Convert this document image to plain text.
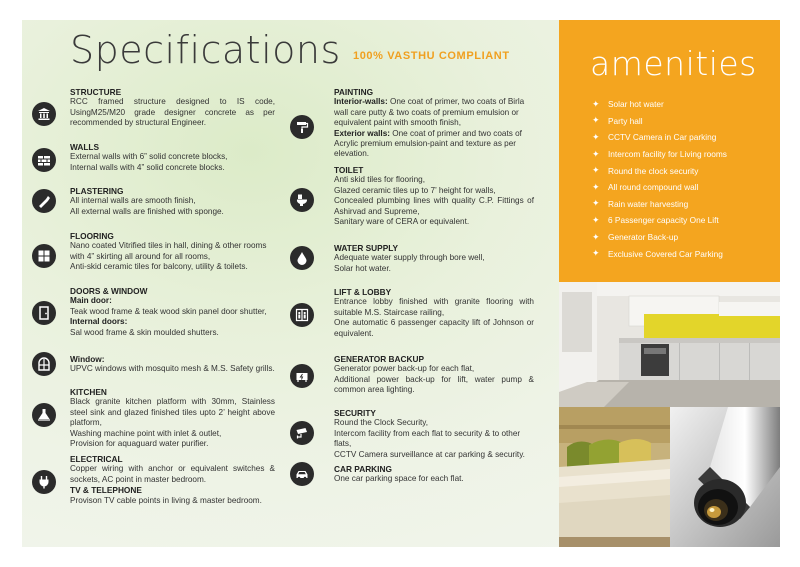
Specifications 100% VASTHU COMPLIANT
STRUCTURE
RCC framed structure designed to IS code, UsingM25/M20 grade designer concrete as per recommended by structural Engineer.
WALLS
External walls with 6” solid concrete blocks,
Internal walls with 4” solid concrete blocks.
PLASTERING
All internal walls are smooth finish,
All external walls are finished with sponge.
FLOORING
Nano coated Vitrified tiles in hall, dining & other rooms with 4” skirting all around for all rooms,
Anti-skid ceramic tiles for balcony, utility & toilets.
DOORS & WINDOW
Main door:
Teak wood frame & teak wood skin panel door shutter,
Internal doors:
Sal wood frame & skin moulded shutters.
Window:
UPVC windows with mosquito mesh & M.S. Safety grills.
KITCHEN
Black granite kitchen platform with 30mm, Stainless steel sink and glazed finished tiles upto 2’ height above platform,
Washing machine point with inlet & outlet,
Provision for aquaguard water purifier.
ELECTRICAL
Copper wiring with anchor or equivalent switches & sockets, AC point in master bedroom.
TV & TELEPHONE
Provison TV cable points in living & master bedroom.
PAINTING
Interior-walls: One coat of primer, two coats of Birla wall care putty & two coats of premium emulsion or equivalent paint with smooth finish,
Exterior walls: One coat of primer and two coats of Acrylic premium emulsion-paint and texture as per elevation.
TOILET
Anti skid tiles for flooring,
Glazed ceramic tiles up to 7’ height for walls,
Concealed plumbing lines with quality C.P. Fittings of Ashirvad and Supreme,
Sanitary ware of CERA or equivalent.
WATER SUPPLY
Adequate water supply through bore well,
Solar hot water.
LIFT & LOBBY
Entrance lobby finished with granite flooring with suitable M.S. Staircase railing,
One automatic 6 passenger capacity lift of Johnson or equivalent.
GENERATOR BACKUP
Generator power back-up for each flat,
Additional power back-up for lift, water pump & common area lighting.
SECURITY
Round the Clock Security,
Intercom facility from each flat to security & to other flats,
CCTV Camera surveillance at car parking & security.
CAR PARKING
One car parking space for each flat.
amenities
✦	Solar hot water
✦	Party hall
✦	CCTV Camera in Car parking
✦	Intercom facility for Living rooms
✦	Round the clock security
✦	All round compound wall
✦	Rain water harvesting
✦	6 Passenger capacity One Lift
✦	Generator Back-up
✦	Exclusive Covered Car Parking
